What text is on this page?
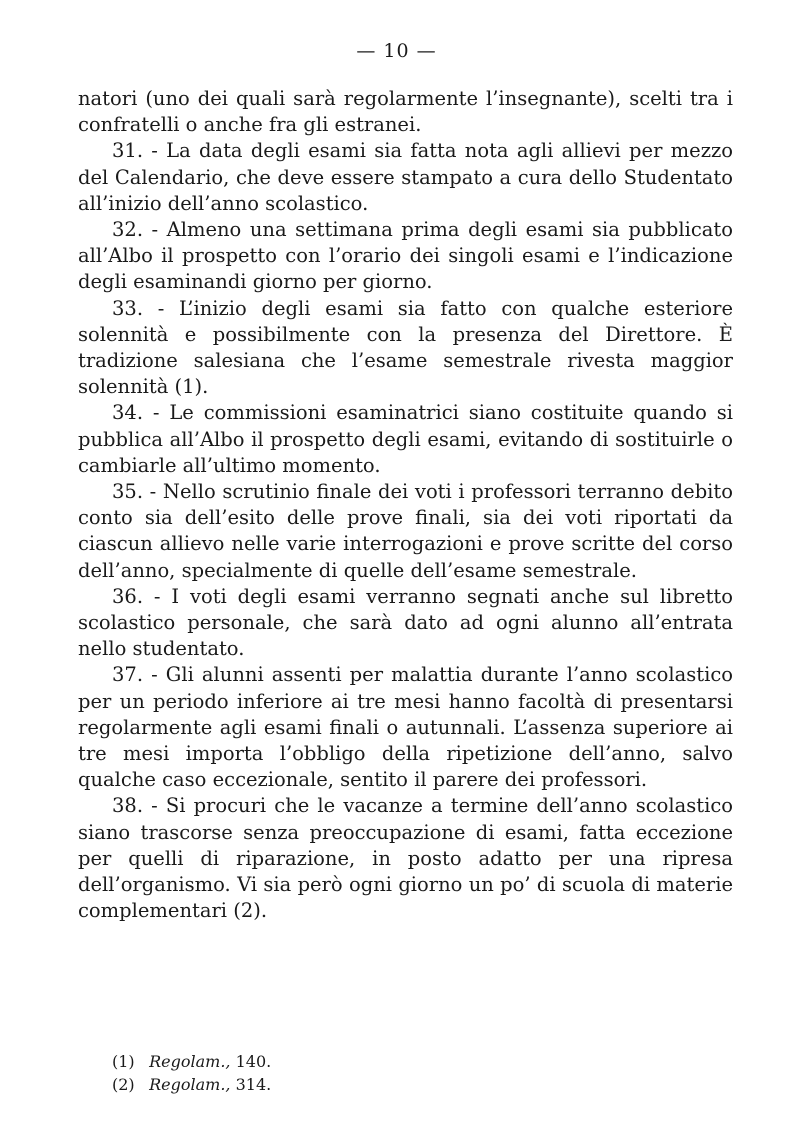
— 10 —

natori (uno dei quali sarà regolarmente l’insegnante), scelti tra i confratelli o anche fra gli estranei.

31. - La data degli esami sia fatta nota agli allievi per mezzo del Calendario, che deve essere stampato a cura dello Studentato all’inizio dell’anno scolastico.

32. - Almeno una settimana prima degli esami sia pubblicato all’Albo il prospetto con l’orario dei singoli esami e l’indicazione degli esaminandi giorno per giorno.

33. - L’inizio degli esami sia fatto con qualche esteriore solennità e possibilmente con la presenza del Direttore. È tradizione salesiana che l’esame semestrale rivesta maggior solennità (1).

34. - Le commissioni esaminatrici siano costituite quando si pubblica all’Albo il prospetto degli esami, evitando di sostituirle o cambiarle all’ultimo momento.

35. - Nello scrutinio finale dei voti i professori terranno debito conto sia dell’esito delle prove finali, sia dei voti riportati da ciascun allievo nelle varie interrogazioni e prove scritte del corso dell’anno, specialmente di quelle dell’esame semestrale.

36. - I voti degli esami verranno segnati anche sul libretto scolastico personale, che sarà dato ad ogni alunno all’entrata nello studentato.

37. - Gli alunni assenti per malattia durante l’anno scolastico per un periodo inferiore ai tre mesi hanno facoltà di presentarsi regolarmente agli esami finali o autunnali. L’assenza superiore ai tre mesi importa l’obbligo della ripetizione dell’anno, salvo qualche caso eccezionale, sentito il parere dei professori.

38. - Si procuri che le vacanze a termine dell’anno scolastico siano trascorse senza preoccupazione di esami, fatta eccezione per quelli di riparazione, in posto adatto per una ripresa dell’organismo. Vi sia però ogni giorno un po’ di scuola di materie complementari (2).

(1) Regolam., 140.
(2) Regolam., 314.
